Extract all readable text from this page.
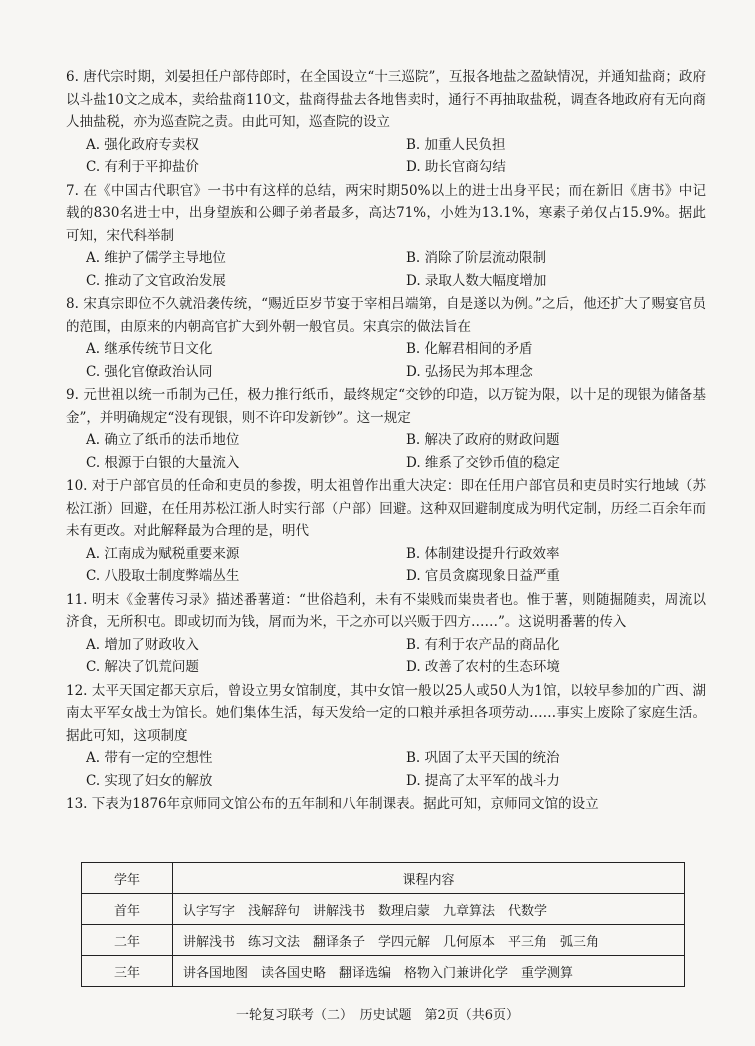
6. 唐代宗时期，刘晏担任户部侍郎时，在全国设立“十三巡院”，互报各地盐之盈缺情况，并通知盐商；政府以斗盐10文之成本，卖给盐商110文，盐商得盐去各地售卖时，通行不再抽取盐税，调查各地政府有无向商人抽盐税，亦为巡查院之责。由此可知，巡查院的设立
A. 强化政府专卖权	B. 加重人民负担
C. 有利于平抑盐价	D. 助长官商勾结
7. 在《中国古代职官》一书中有这样的总结，两宋时期50%以上的进士出身平民；而在新旧《唐书》中记载的830名进士中，出身望族和公卿子弟者最多，高达71%，小姓为13.1%，寒素子弟仅占15.9%。据此可知，宋代科举制
A. 维护了儒学主导地位	B. 消除了阶层流动限制
C. 推动了文官政治发展	D. 录取人数大幅度增加
8. 宋真宗即位不久就沿袭传统，“赐近臣岁节宴于宰相吕端第，自是遂以为例。”之后，他还扩大了赐宴官员的范围，由原来的内朝高官扩大到外朝一般官员。宋真宗的做法旨在
A. 继承传统节日文化	B. 化解君相间的矛盾
C. 强化官僚政治认同	D. 弘扬民为邦本理念
9. 元世祖以统一币制为己任，极力推行纸币，最终规定“交钞的印造，以万锭为限，以十足的现银为储备基金”，并明确规定“没有现银，则不许印发新钞”。这一规定
A. 确立了纸币的法币地位	B. 解决了政府的财政问题
C. 根源于白银的大量流入	D. 维系了交钞币值的稳定
10. 对于户部官员的任命和吏员的参拨，明太祖曾作出重大决定：即在任用户部官员和吏员时实行地域（苏松江浙）回避，在任用苏松江浙人时实行部（户部）回避。这种双回避制度成为明代定制，历经二百余年而未有更改。对此解释最为合理的是，明代
A. 江南成为赋税重要来源	B. 体制建设提升行政效率
C. 八股取士制度弊端丛生	D. 官员贪腐现象日益严重
11. 明末《金薯传习录》描述番薯道：“世俗趋利，未有不粜贱而粜贵者也。惟于薯，则随掘随卖，周流以济食，无所积屯。即或切而为钱，屑而为米，干之亦可以兴贩于四方……”。这说明番薯的传入
A. 增加了财政收入	B. 有利于农产品的商品化
C. 解决了饥荒问题	D. 改善了农村的生态环境
12. 太平天国定都天京后，曾设立男女馆制度，其中女馆一般以25人或50人为1馆，以较早参加的广西、湖南太平军女战士为馆长。她们集体生活，每天发给一定的口粮并承担各项劳动……事实上废除了家庭生活。据此可知，这项制度
A. 带有一定的空想性	B. 巩固了太平天国的统治
C. 实现了妇女的解放	D. 提高了太平军的战斗力
13. 下表为1876年京师同文馆公布的五年制和八年制课表。据此可知，京师同文馆的设立
学年	课程内容
首年	认字写字　浅解辞句　讲解浅书　数理启蒙　九章算法　代数学
二年	讲解浅书　练习文法　翻译条子　学四元解　几何原本　平三角　弧三角
三年	讲各国地图　读各国史略　翻译选编　格物入门兼讲化学　重学测算
一轮复习联考（二）　历史试题　第2页（共6页）
